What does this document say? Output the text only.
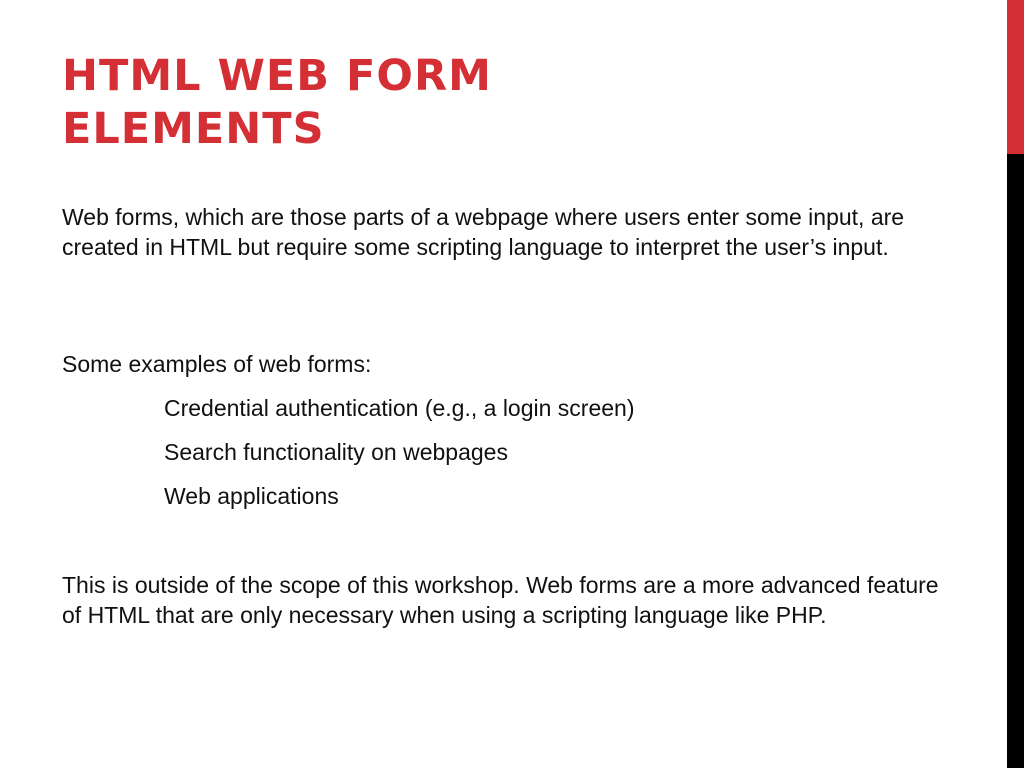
HTML WEB FORM
ELEMENTS

Web forms, which are those parts of a webpage where users enter some input, are created in HTML but require some scripting language to interpret the user’s input.

Some examples of web forms:

Credential authentication (e.g., a login screen)

Search functionality on webpages

Web applications

This is outside of the scope of this workshop. Web forms are a more advanced feature of HTML that are only necessary when using a scripting language like PHP.
